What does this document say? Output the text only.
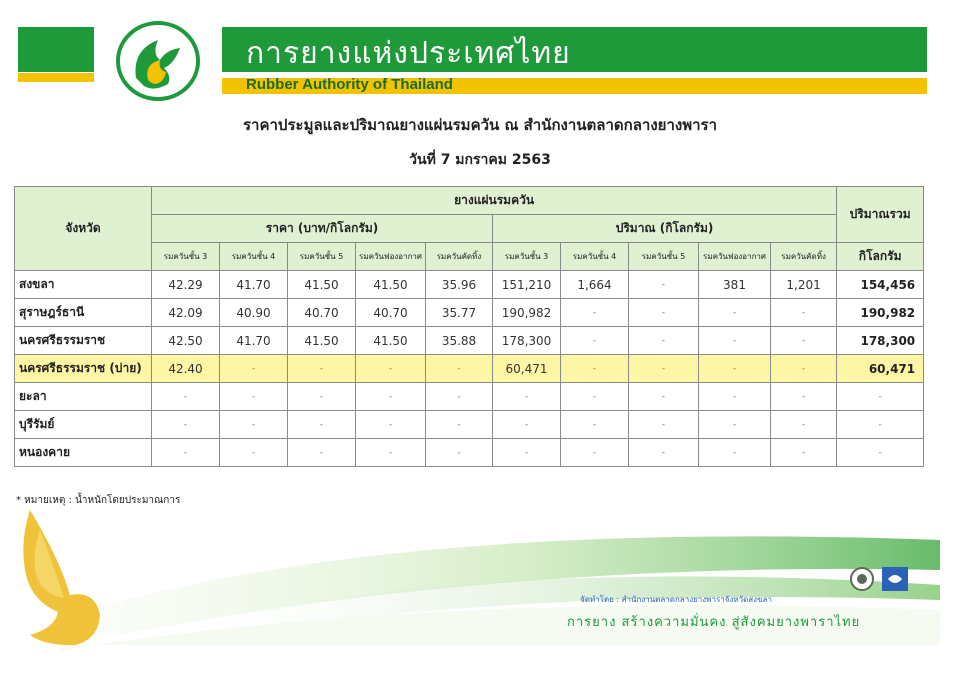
การยางแห่งประเทศไทย
Rubber Authority of Thailand
ราคาประมูลและปริมาณยางแผ่นรมควัน ณ สำนักงานตลาดกลางยางพารา
วันที่ 7 มกราคม 2563
จังหวัด	ยางแผ่นรมควัน										ปริมาณรวม
	ราคา (บาท/กิโลกรัม)					ปริมาณ (กิโลกรัม)					
	รมควันชั้น 3	รมควันชั้น 4	รมควันชั้น 5	รมควันฟองอากาศ	รมควันคัดทิ้ง	รมควันชั้น 3	รมควันชั้น 4	รมควันชั้น 5	รมควันฟองอากาศ	รมควันคัดทิ้ง	กิโลกรัม
สงขลา	42.29	41.70	41.50	41.50	35.96	151,210	1,664	-	381	1,201	154,456
สุราษฎร์ธานี	42.09	40.90	40.70	40.70	35.77	190,982	-	-	-	-	190,982
นครศรีธรรมราช	42.50	41.70	41.50	41.50	35.88	178,300	-	-	-	-	178,300
นครศรีธรรมราช (บ่าย)	42.40	-	-	-	-	60,471	-	-	-	-	60,471
ยะลา	-	-	-	-	-	-	-	-	-	-	-
บุรีรัมย์	-	-	-	-	-	-	-	-	-	-	-
หนองคาย	-	-	-	-	-	-	-	-	-	-	-
* หมายเหตุ : น้ำหนักโดยประมาณการ
จัดทำโดย : สำนักงานตลาดกลางยางพาราจังหวัดสงขลา
การยาง สร้างความมั่นคง สู่สังคมยางพาราไทย
